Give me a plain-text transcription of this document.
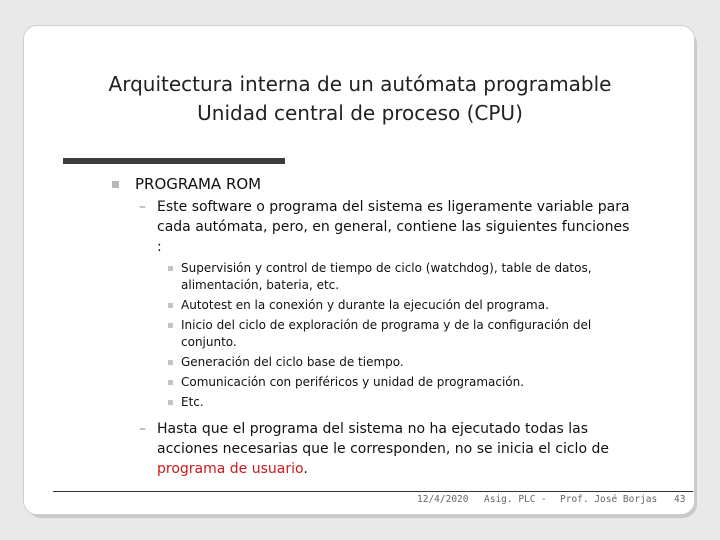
Arquitectura interna de un autómata programable
Unidad central de proceso (CPU)
PROGRAMA ROM
– Este software o programa del sistema es ligeramente variable para cada autómata, pero, en general, contiene las siguientes funciones :
Supervisión y control de tiempo de ciclo (watchdog), table de datos, alimentación, bateria, etc.
Autotest en la conexión y durante la ejecución del programa.
Inicio del ciclo de exploración de programa y de la configuración del conjunto.
Generación del ciclo base de tiempo.
Comunicación con periféricos y unidad de programación.
Etc.
– Hasta que el programa del sistema no ha ejecutado todas las acciones necesarias que le corresponden, no se inicia el ciclo de programa de usuario.
12/4/2020 Asig. PLC - Prof. José Borjas 43
